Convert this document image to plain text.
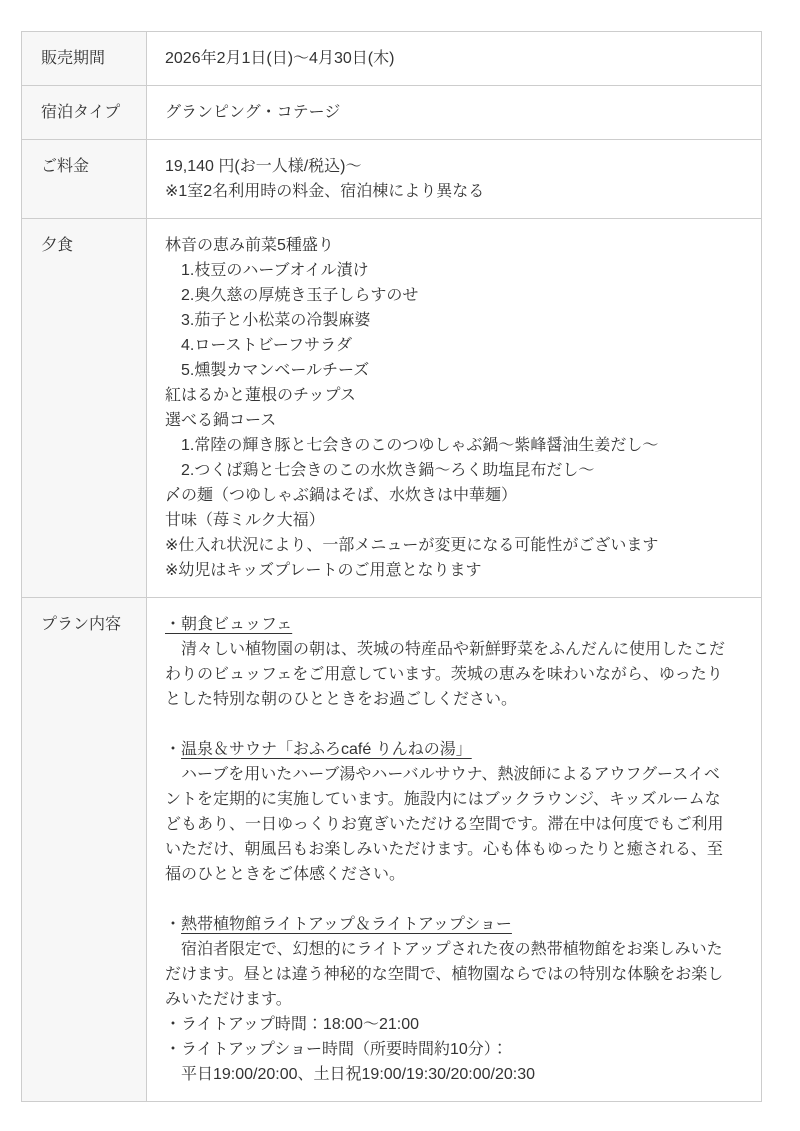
販売期間	2026年2月1日(日)〜4月30日(木)
宿泊タイプ	グランピング・コテージ
ご料金	19,140 円(お一人様/税込)〜
※1室2名利用時の料金、宿泊棟により異なる
夕食	林音の恵み前菜5種盛り
　1.枝豆のハーブオイル漬け
　2.奥久慈の厚焼き玉子しらすのせ
　3.茄子と小松菜の冷製麻婆
　4.ローストビーフサラダ
　5.燻製カマンベールチーズ
紅はるかと蓮根のチップス
選べる鍋コース
　1.常陸の輝き豚と七会きのこのつゆしゃぶ鍋〜紫峰醤油生姜だし〜
　2.つくば鶏と七会きのこの水炊き鍋〜ろく助塩昆布だし〜
〆の麺（つゆしゃぶ鍋はそば、水炊きは中華麺）
甘味（苺ミルク大福）
※仕入れ状況により、一部メニューが変更になる可能性がございます
※幼児はキッズプレートのご用意となります
プラン内容	・朝食ビュッフェ
　清々しい植物園の朝は、茨城の特産品や新鮮野菜をふんだんに使用したこだ
わりのビュッフェをご用意しています。茨城の恵みを味わいながら、ゆったり
とした特別な朝のひとときをお過ごしください。
・温泉＆サウナ「おふろcafé りんねの湯」
　ハーブを用いたハーブ湯やハーバルサウナ、熱波師によるアウフグースイベ
ントを定期的に実施しています。施設内にはブックラウンジ、キッズルームな
どもあり、一日ゆっくりお寛ぎいただける空間です。滞在中は何度でもご利用
いただけ、朝風呂もお楽しみいただけます。心も体もゆったりと癒される、至
福のひとときをご体感ください。
・熱帯植物館ライトアップ＆ライトアップショー
　宿泊者限定で、幻想的にライトアップされた夜の熱帯植物館をお楽しみいた
だけます。昼とは違う神秘的な空間で、植物園ならではの特別な体験をお楽し
みいただけます。
・ライトアップ時間：18:00〜21:00
・ライトアップショー時間（所要時間約10分）：
　平日19:00/20:00、土日祝19:00/19:30/20:00/20:30
